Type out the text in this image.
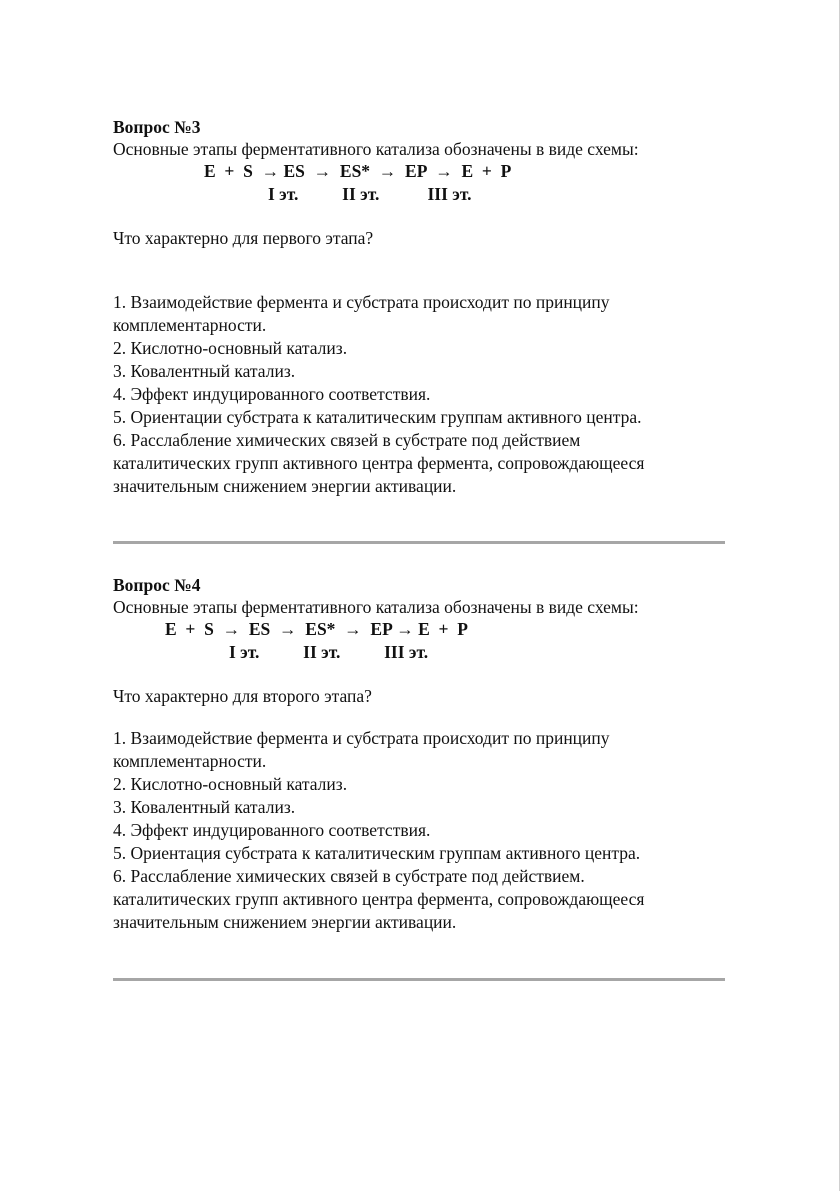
Вопрос №3
Основные этапы ферментативного катализа обозначены в виде схемы:
E  +  S  → ES  →  ES*  →  EP  →  E  +  P
I эт.          II эт.           III эт.
Что характерно для первого этапа?
1. Взаимодействие фермента и субстрата происходит по принципу
комплементарности.
2. Кислотно-основный катализ.
3. Ковалентный катализ.
4. Эффект индуцированного соответствия.
5. Ориентации субстрата к каталитическим группам активного центра.
6. Расслабление химических связей в субстрате под действием
каталитических групп активного центра фермента, сопровождающееся
значительным снижением энергии активации.
Вопрос №4
Основные этапы ферментативного катализа обозначены в виде схемы:
E  +  S  →  ES  →  ES*  →  EP → E  +  P
I эт.          II эт.          III эт.
Что характерно для второго этапа?
1. Взаимодействие фермента и субстрата происходит по принципу
комплементарности.
2. Кислотно-основный катализ.
3. Ковалентный катализ.
4. Эффект индуцированного соответствия.
5. Ориентация субстрата к каталитическим группам активного центра.
6. Расслабление химических связей в субстрате под действием.
каталитических групп активного центра фермента, сопровождающееся
значительным снижением энергии активации.
